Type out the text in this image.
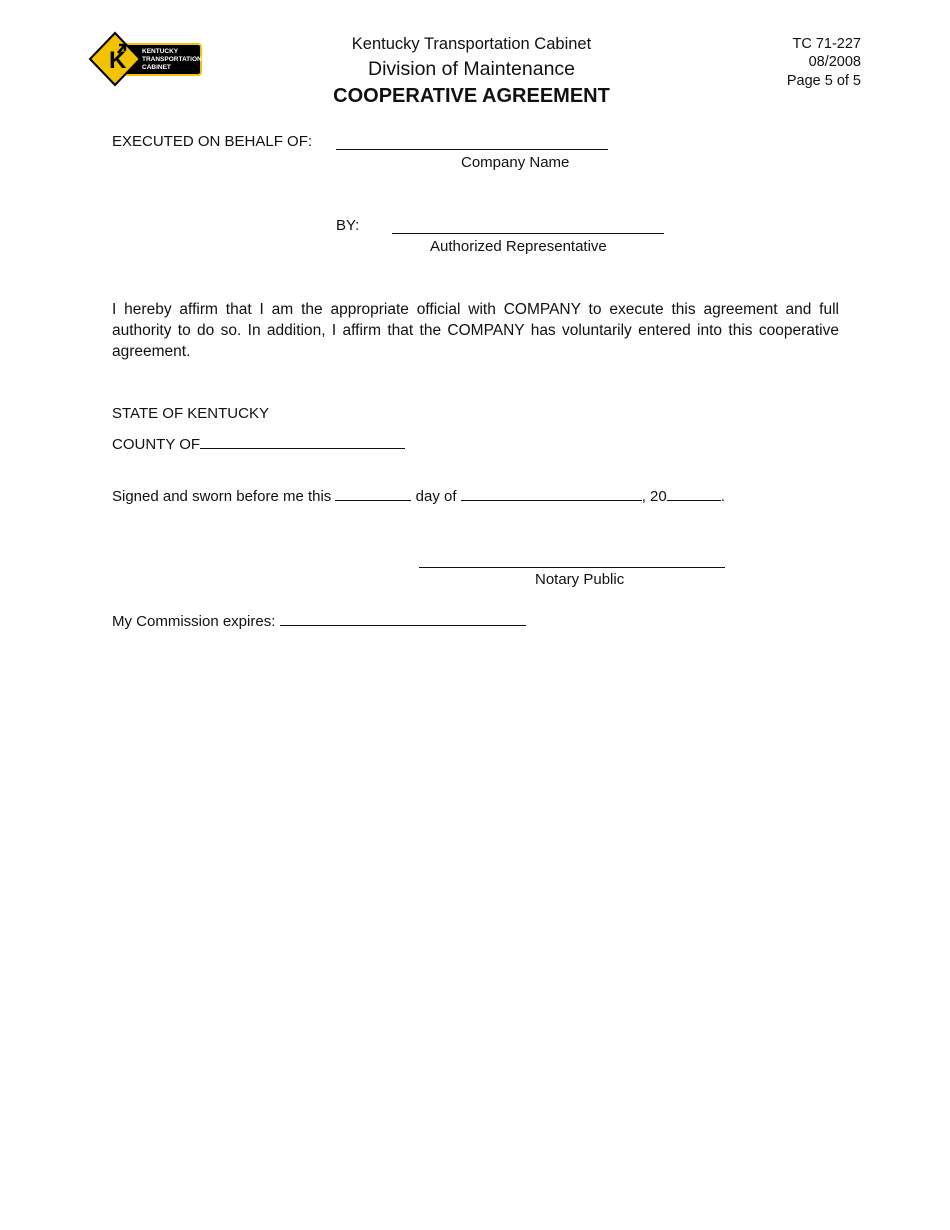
K KENTUCKY
TRANSPORTATION
CABINET
Kentucky Transportation Cabinet
Division of Maintenance
COOPERATIVE AGREEMENT
TC 71-227
08/2008
Page 5 of 5
EXECUTED ON BEHALF OF:
Company Name
BY:
Authorized Representative
I hereby affirm that I am the appropriate official with COMPANY to execute this agreement and full authority to do so. In addition, I affirm that the COMPANY has voluntarily entered into this cooperative agreement.
STATE OF KENTUCKY
COUNTY OF
Signed and sworn before me this	day of	, 20	.
Notary Public
My Commission expires:
